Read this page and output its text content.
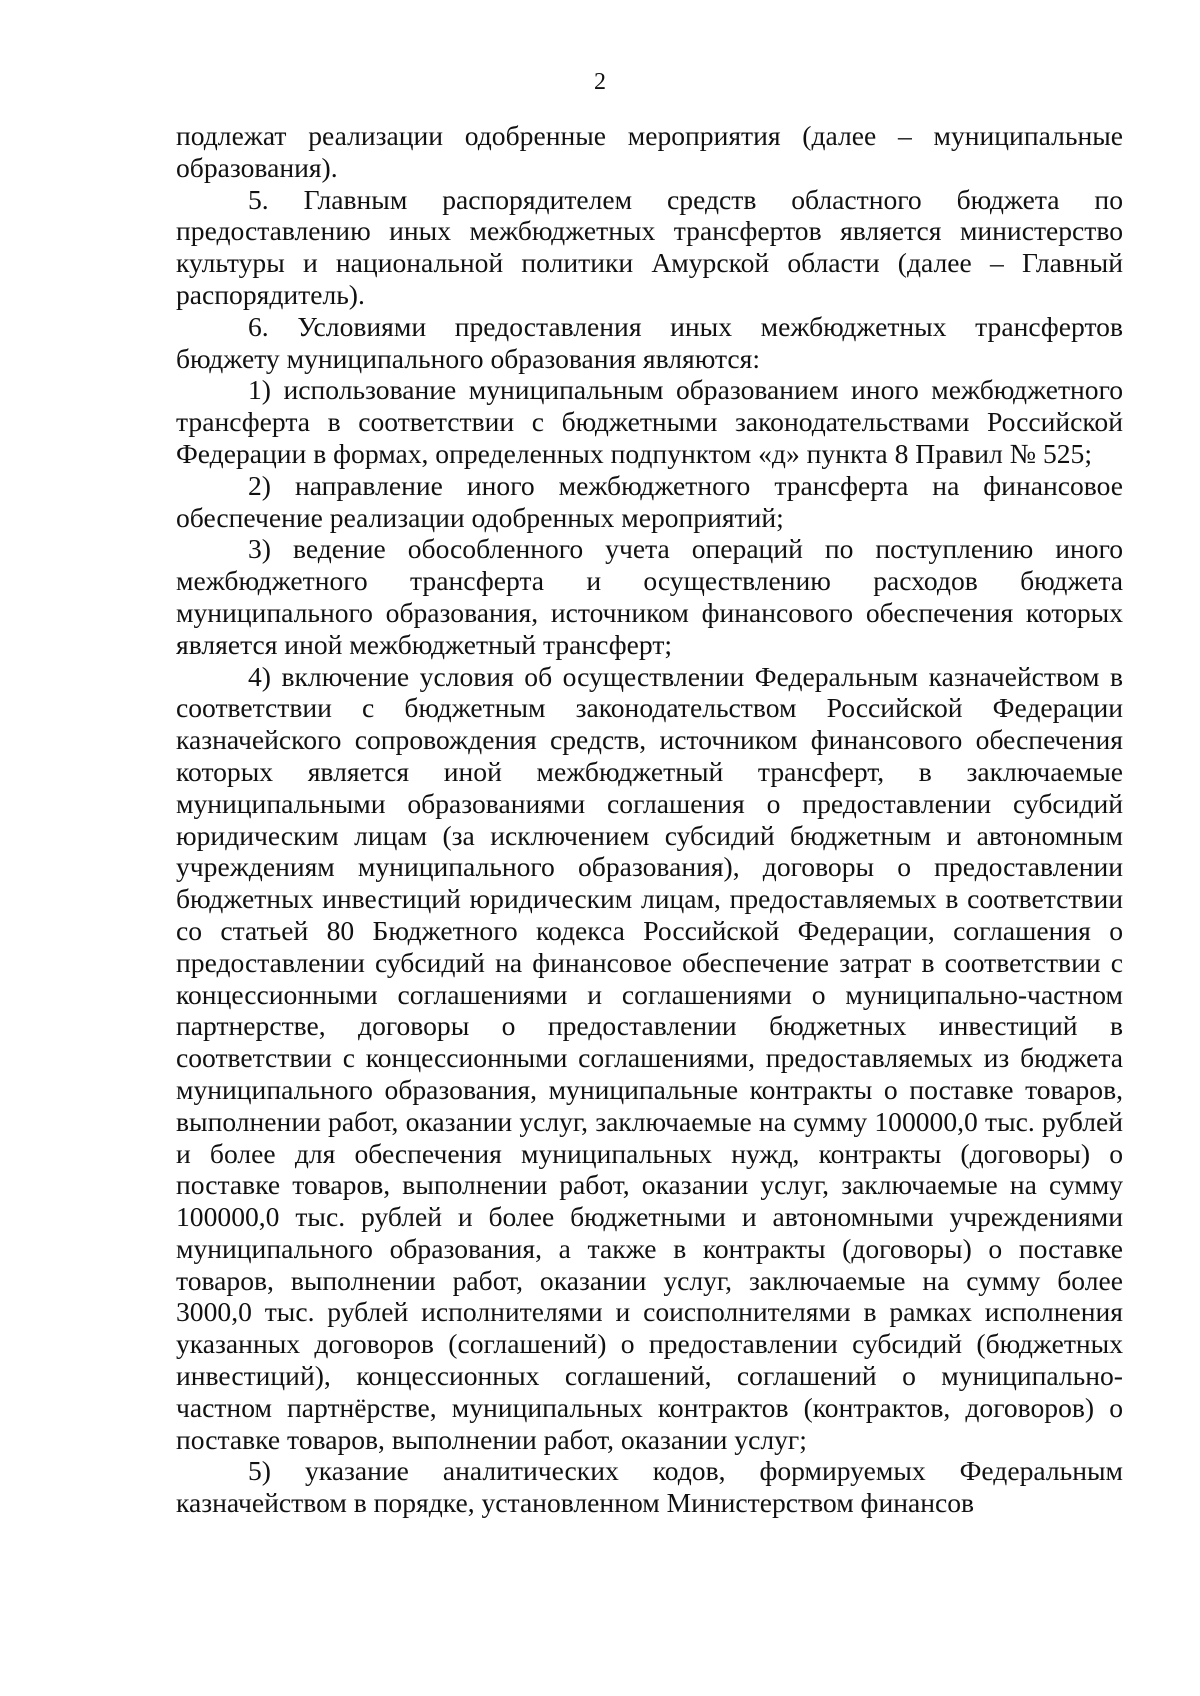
2

подлежат реализации одобренные мероприятия (далее – муниципальные образования).

5. Главным распорядителем средств областного бюджета по предоставлению иных межбюджетных трансфертов является министерство культуры и национальной политики Амурской области (далее – Главный распорядитель).

6. Условиями предоставления иных межбюджетных трансфертов бюджету муниципального образования являются:

1) использование муниципальным образованием иного межбюджетного трансферта в соответствии с бюджетными законодательствами Российской Федерации в формах, определенных подпунктом «д» пункта 8 Правил № 525;

2) направление иного межбюджетного трансферта на финансовое обеспечение реализации одобренных мероприятий;

3) ведение обособленного учета операций по поступлению иного межбюджетного трансферта и осуществлению расходов бюджета муниципального образования, источником финансового обеспечения которых является иной межбюджетный трансферт;

4) включение условия об осуществлении Федеральным казначейством в соответствии с бюджетным законодательством Российской Федерации казначейского сопровождения средств, источником финансового обеспечения которых является иной межбюджетный трансферт, в заключаемые муниципальными образованиями соглашения о предоставлении субсидий юридическим лицам (за исключением субсидий бюджетным и автономным учреждениям муниципального образования), договоры о предоставлении бюджетных инвестиций юридическим лицам, предоставляемых в соответствии со статьей 80 Бюджетного кодекса Российской Федерации, соглашения о предоставлении субсидий на финансовое обеспечение затрат в соответствии с концессионными соглашениями и соглашениями о муниципально-частном партнерстве, договоры о предоставлении бюджетных инвестиций в соответствии с концессионными соглашениями, предоставляемых из бюджета муниципального образования, муниципальные контракты о поставке товаров, выполнении работ, оказании услуг, заключаемые на сумму 100000,0 тыс. рублей и более для обеспечения муниципальных нужд, контракты (договоры) о поставке товаров, выполнении работ, оказании услуг, заключаемые на сумму 100000,0 тыс. рублей и более бюджетными и автономными учреждениями муниципального образования, а также в контракты (договоры) о поставке товаров, выполнении работ, оказании услуг, заключаемые на сумму более 3000,0 тыс. рублей исполнителями и соисполнителями в рамках исполнения указанных договоров (соглашений) о предоставлении субсидий (бюджетных инвестиций), концессионных соглашений, соглашений о муниципально-частном партнёрстве, муниципальных контрактов (контрактов, договоров) о поставке товаров, выполнении работ, оказании услуг;

5) указание аналитических кодов, формируемых Федеральным казначейством в порядке, установленном Министерством финансов
